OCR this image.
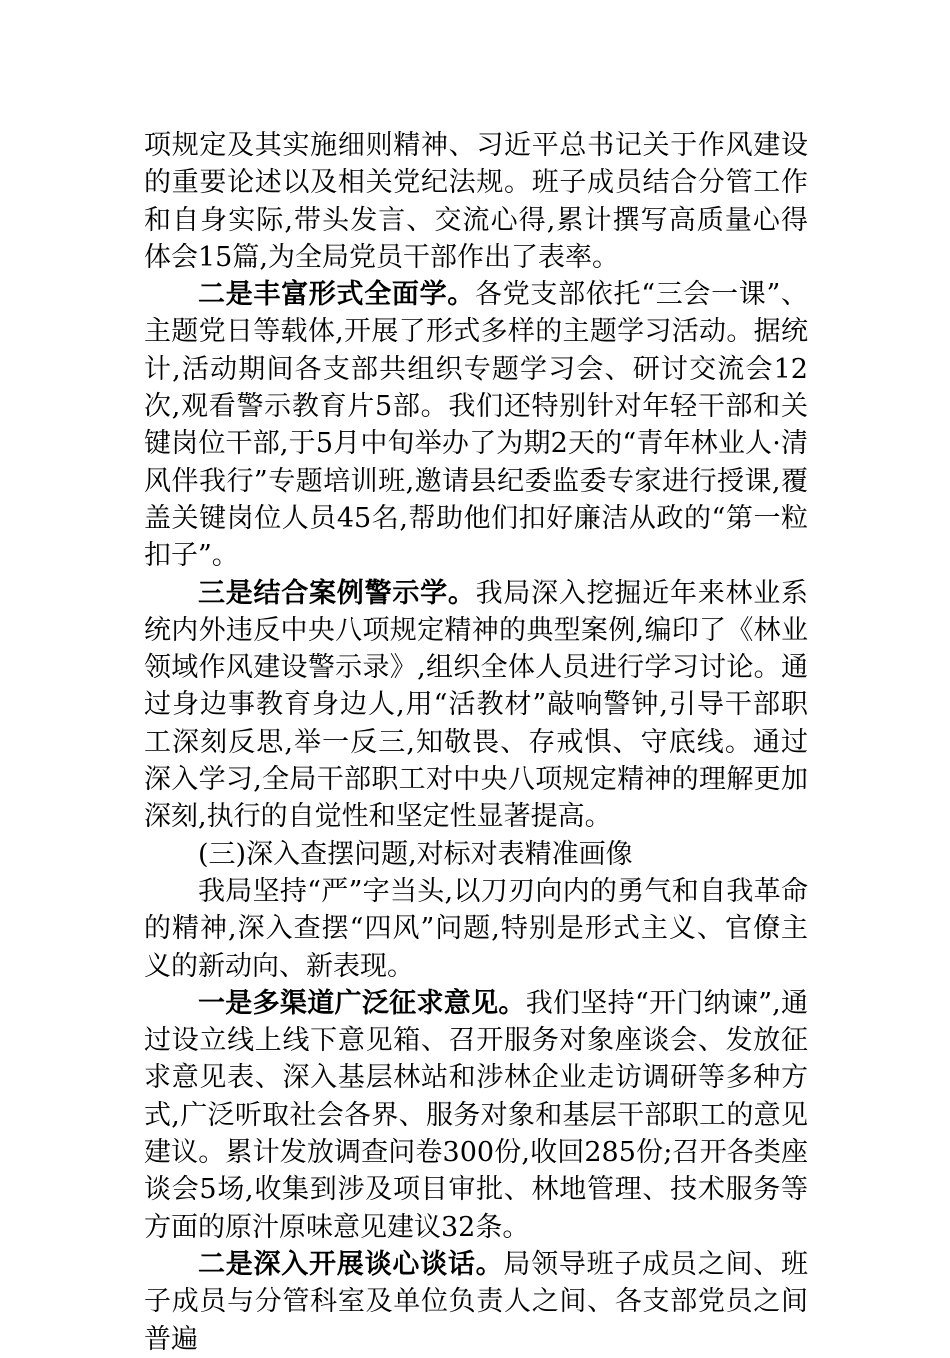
项规定及其实施细则精神、习近平总书记关于作风建设的重要论述以及相关党纪法规。班子成员结合分管工作和自身实际,带头发言、交流心得,累计撰写高质量心得体会15篇,为全局党员干部作出了表率。

二是丰富形式全面学。各党支部依托“三会一课”、主题党日等载体,开展了形式多样的主题学习活动。据统计,活动期间各支部共组织专题学习会、研讨交流会12次,观看警示教育片5部。我们还特别针对年轻干部和关键岗位干部,于5月中旬举办了为期2天的“青年林业人·清风伴我行”专题培训班,邀请县纪委监委专家进行授课,覆盖关键岗位人员45名,帮助他们扣好廉洁从政的“第一粒扣子”。

三是结合案例警示学。我局深入挖掘近年来林业系统内外违反中央八项规定精神的典型案例,编印了《林业领域作风建设警示录》,组织全体人员进行学习讨论。通过身边事教育身边人,用“活教材”敲响警钟,引导干部职工深刻反思,举一反三,知敬畏、存戒惧、守底线。通过深入学习,全局干部职工对中央八项规定精神的理解更加深刻,执行的自觉性和坚定性显著提高。

(三)深入查摆问题,对标对表精准画像

我局坚持“严”字当头,以刀刃向内的勇气和自我革命的精神,深入查摆“四风”问题,特别是形式主义、官僚主义的新动向、新表现。

一是多渠道广泛征求意见。我们坚持“开门纳谏”,通过设立线上线下意见箱、召开服务对象座谈会、发放征求意见表、深入基层林站和涉林企业走访调研等多种方式,广泛听取社会各界、服务对象和基层干部职工的意见建议。累计发放调查问卷300份,收回285份;召开各类座谈会5场,收集到涉及项目审批、林地管理、技术服务等方面的原汁原味意见建议32条。

二是深入开展谈心谈话。局领导班子成员之间、班子成员与分管科室及单位负责人之间、各支部党员之间普遍
